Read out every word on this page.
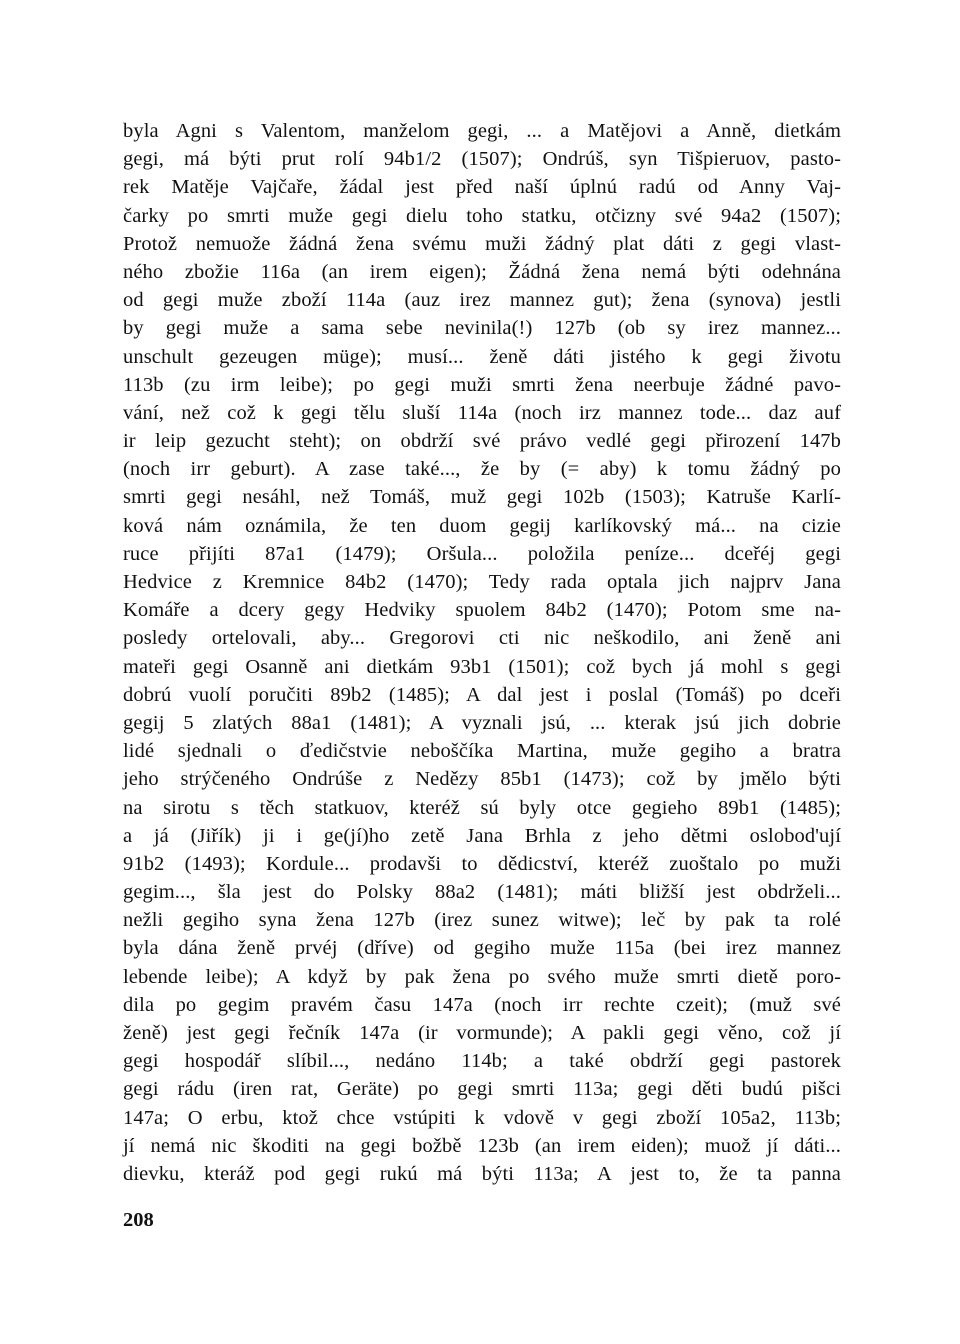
byla Agni s Valentom, manželom gegi, ... a Matějovi a Anně, dietkám
gegi, má býti prut rolí 94b1/2 (1507); Ondrúš, syn Tišpieruov, pasto-
rek Matěje Vajčaře, žádal jest před naší úplnú radú od Anny Vaj-
čarky po smrti muže gegi dielu toho statku, otčizny své 94a2 (1507);
Protož nemuože žádná žena svému muži žádný plat dáti z gegi vlast-
ného zbožie 116a (an irem eigen); Žádná žena nemá býti odehnána
od gegi muže zboží 114a (auz irez mannez gut); žena (synova) jestli
by gegi muže a sama sebe nevinila(!) 127b (ob sy irez mannez...
unschult gezeugen müge); musí... ženě dáti jistého k gegi životu
113b (zu irm leibe); po gegi muži smrti žena neerbuje žádné pavo-
vání, než což k gegi tělu sluší 114a (noch irz mannez tode... daz auf
ir leip gezucht steht); on obdrží své právo vedlé gegi přirození 147b
(noch irr geburt). A zase také..., že by (= aby) k tomu žádný po
smrti gegi nesáhl, než Tomáš, muž gegi 102b (1503); Katruše Karlí-
ková nám oznámila, že ten duom gegij karlíkovský má... na cizie
ruce přijíti 87a1 (1479); Oršula... položila peníze... dceřéj gegi
Hedvice z Kremnice 84b2 (1470); Tedy rada optala jich najprv Jana
Komáře a dcery gegy Hedviky spuolem 84b2 (1470); Potom sme na-
posledy ortelovali, aby... Gregorovi cti nic neškodilo, ani ženě ani
mateři gegi Osanně ani dietkám 93b1 (1501); což bych já mohl s gegi
dobrú vuolí poručiti 89b2 (1485); A dal jest i poslal (Tomáš) po dceři
gegij 5 zlatých 88a1 (1481); A vyznali jsú, ... kterak jsú jich dobrie
lidé sjednali o ďedičstvie neboščíka Martina, muže gegiho a bratra
jeho strýčeného Ondrúše z Nedězy 85b1 (1473); což by jmělo býti
na sirotu s těch statkuov, kteréž sú byly otce gegieho 89b1 (1485);
a já (Jiřík) ji i ge(jí)ho zetě Jana Brhla z jeho dětmi oslobod'ují
91b2 (1493); Kordule... prodavši to dědicství, kteréž zuoštalo po muži
gegim..., šla jest do Polsky 88a2 (1481); máti bližší jest obdrželi...
nežli gegiho syna žena 127b (irez sunez witwe); leč by pak ta rolé
byla dána ženě prvéj (dříve) od gegiho muže 115a (bei irez mannez
lebende leibe); A když by pak žena po svého muže smrti dietě poro-
dila po gegim pravém času 147a (noch irr rechte czeit); (muž své
ženě) jest gegi řečník 147a (ir vormunde); A pakli gegi věno, což jí
gegi hospodář slíbil..., nedáno 114b; a také obdrží gegi pastorek
gegi rádu (iren rat, Geräte) po gegi smrti 113a; gegi děti budú pišci
147a; O erbu, ktož chce vstúpiti k vdově v gegi zboží 105a2, 113b;
jí nemá nic škoditi na gegi božbě 123b (an irem eiden); muož jí dáti...
dievku, kteráž pod gegi rukú má býti 113a; A jest to, že ta panna
208
